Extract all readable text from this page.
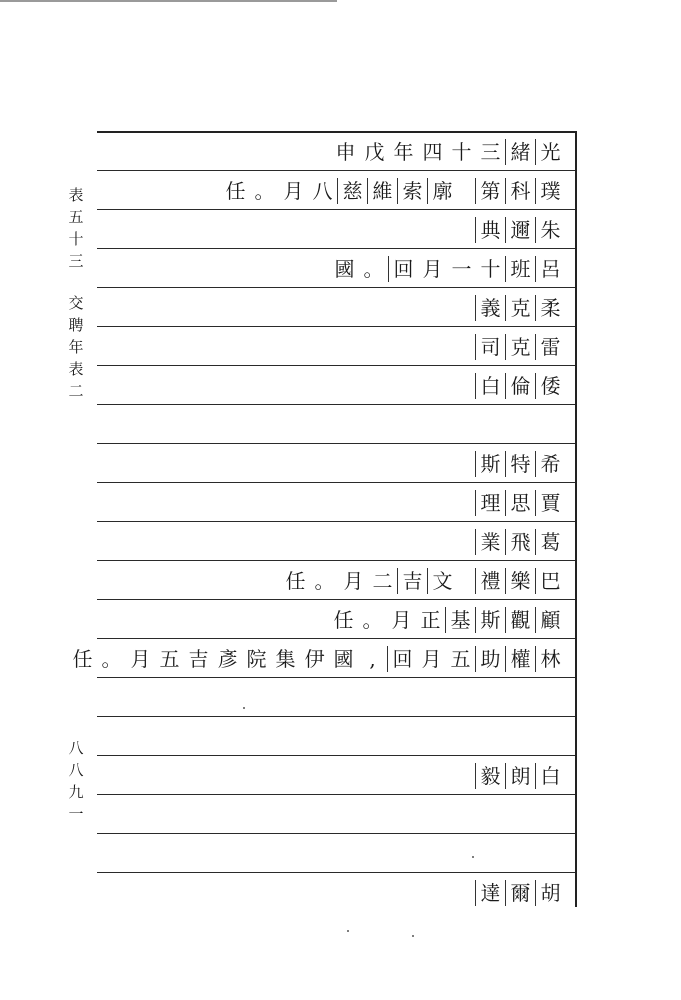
表五十三
交聘年表二
八八九一
申 戊 年 四 十 三 緒 光
任 。 月 八 慈 維 索 廓 第 科 璞
典 邇 朱
國 。 回 月 一 十 班 呂
義 克 柔
司 克 雷
白 倫 倭
斯 特 希
理 思 賈
業 飛 葛
任 。 月 二 吉 文 禮 樂 巴
任 。 月 正 基 斯 觀 顧
任 。 月 五 吉 彥 院 集 伊 國 , 回 月 五 助 權 林
毅 朗 白
達 爾 胡
